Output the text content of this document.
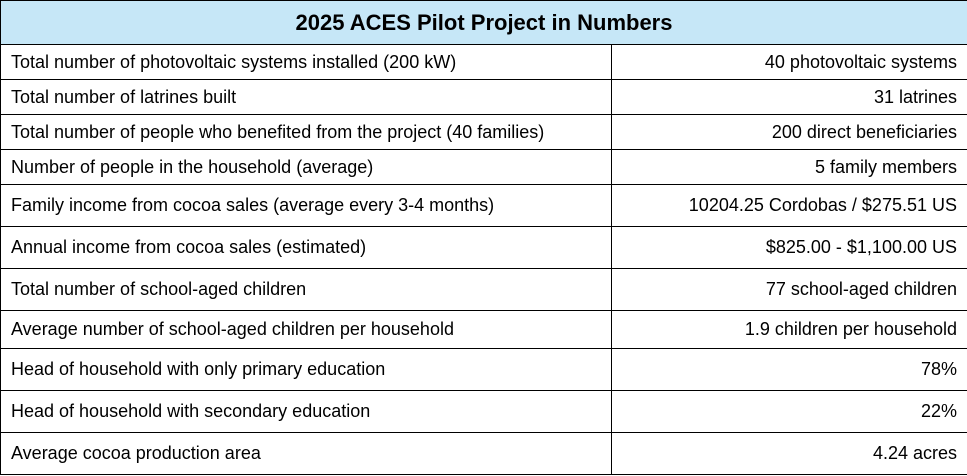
2025 ACES Pilot Project in Numbers	
Total number of photovoltaic systems installed (200 kW)	40 photovoltaic systems
Total number of latrines built	31 latrines
Total number of people who benefited from the project (40 families)	200 direct beneficiaries
Number of people in the household (average)	5 family members
Family income from cocoa sales (average every 3-4 months)	10204.25 Cordobas / $275.51 US
Annual income from cocoa sales (estimated)	$825.00 - $1,100.00 US
Total number of school-aged children	77 school-aged children
Average number of school-aged children per household	1.9 children per household
Head of household with only primary education	78%
Head of household with secondary education	22%
Average cocoa production area	4.24 acres
